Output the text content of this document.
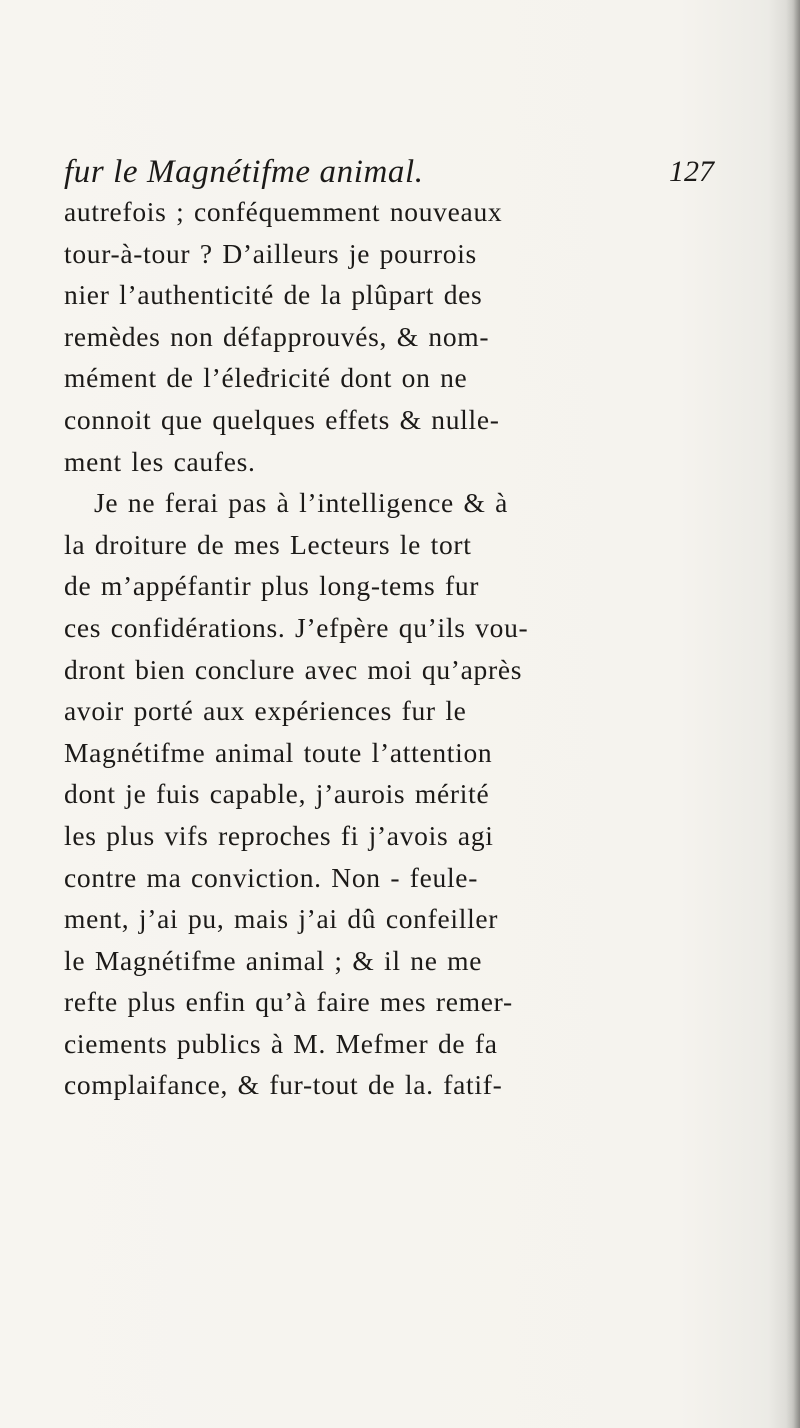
fur le Magnétifme animal.	127
autrefois ; conféquemment nouveaux
tour-à-tour ? D’ailleurs je pourrois
nier l’authenticité de la plûpart des
remèdes non défapprouvés, & nom-
mément de l’éleđricité dont on ne
connoit que quelques effets & nulle-
ment les caufes.
Je ne ferai pas à l’intelligence & à
la droiture de mes Lecteurs le tort
de m’appéfantir plus long-tems fur
ces confidérations. J’efpère qu’ils vou-
dront bien conclure avec moi qu’après
avoir porté aux expériences fur le
Magnétifme animal toute l’attention
dont je fuis capable, j’aurois mérité
les plus vifs reproches fi j’avois agi
contre ma conviction. Non - feule-
ment, j’ai pu, mais j’ai dû confeiller
le Magnétifme animal ; & il ne me
refte plus enfin qu’à faire mes remer-
ciements publics à M. Mefmer de fa
complaifance, & fur-tout de la. fatif-
